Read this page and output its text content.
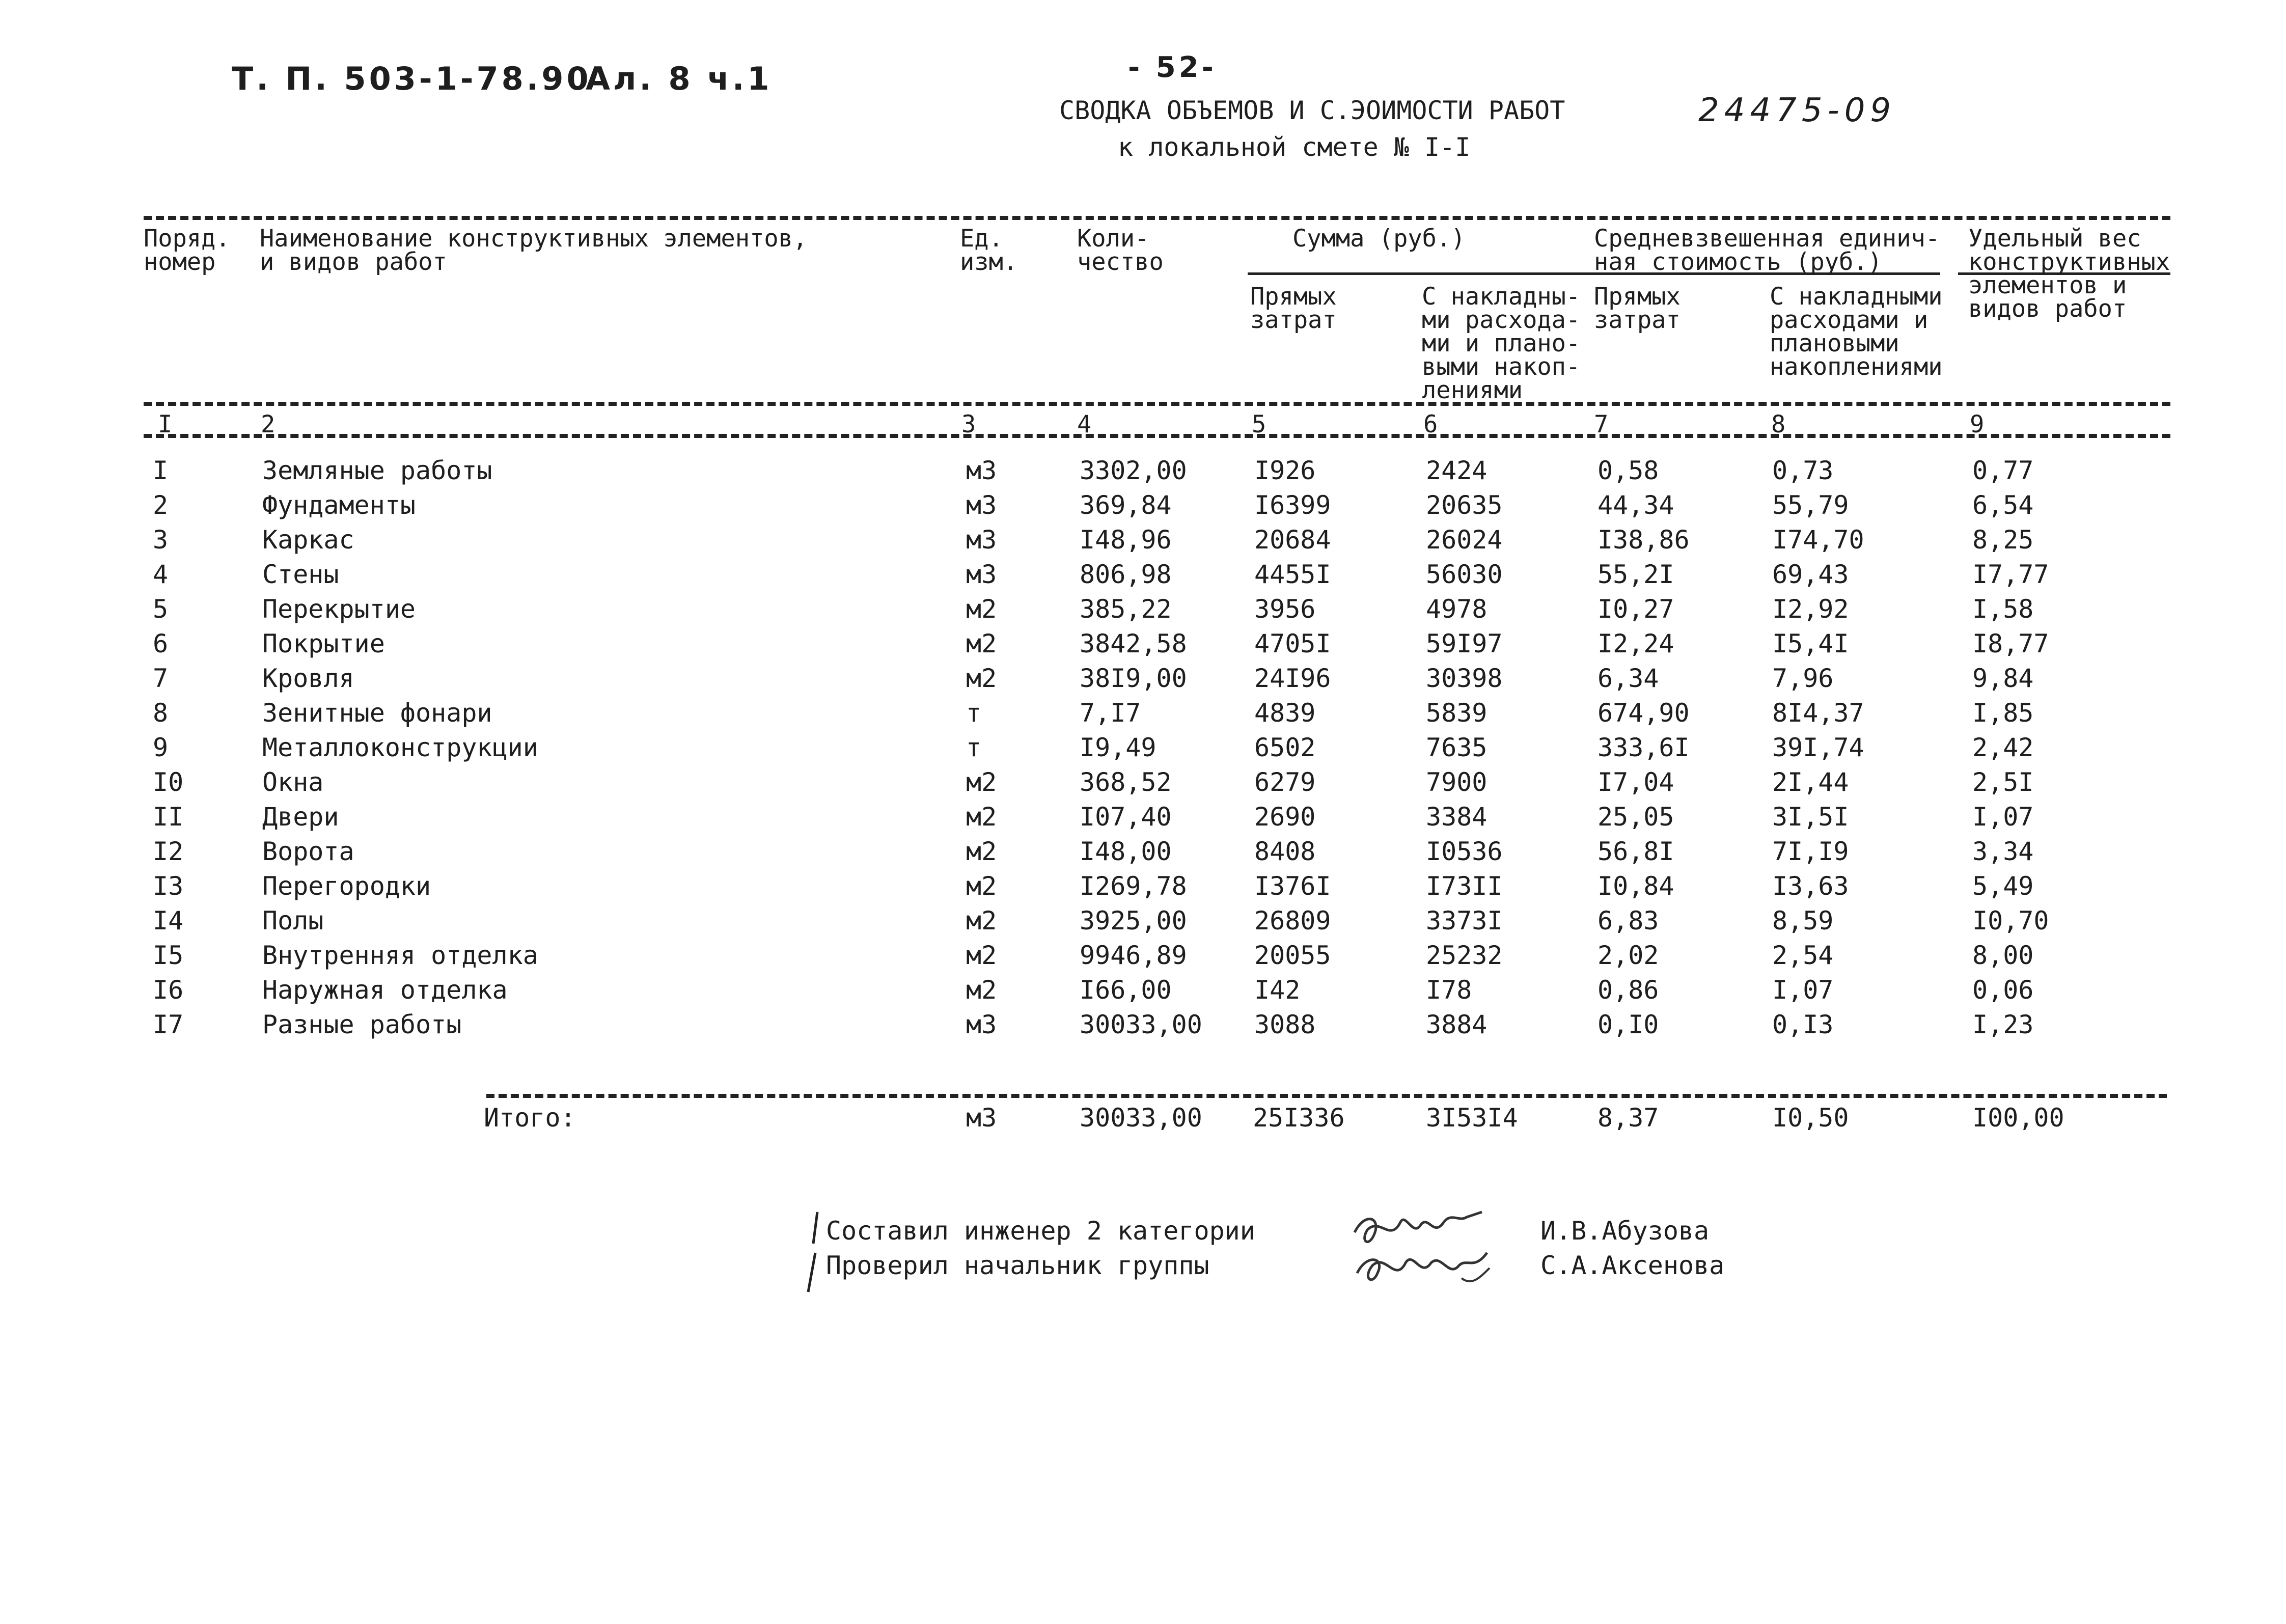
Т. П. 503-1-78.90
Ал. 8 ч.1	- 52-
24475-09
СВОДКА ОБЪЕМОВ И С.ЭОИМОСТИ РАБОТ
к локальной смете № I-I
Поряд.
номер
Наименование конструктивных элементов,
и видов работ
Ед.
изм.
Коли-
чество
Сумма (руб.)
Прямых
затрат
С накладны-
ми расхода-
ми и плано-
выми накоп-
лениями
Средневзвешенная единич-
ная стоимость (руб.)
Прямых
затрат
С накладными
расходами и
плановыми
накоплениями
Удельный вес
конструктивных
элементов и
видов работ
I	2	3	4	5	6	7	8	9
I	Земляные работы	м3	3302,00	I926	2424	0,58	0,73	0,77
2	Фундаменты	м3	369,84	I6399	20635	44,34	55,79	6,54
3	Каркас	м3	I48,96	20684	26024	I38,86	I74,70	8,25
4	Стены	м3	806,98	4455I	56030	55,2I	69,43	I7,77
5	Перекрытие	м2	385,22	3956	4978	I0,27	I2,92	I,58
6	Покрытие	м2	3842,58	4705I	59I97	I2,24	I5,4I	I8,77
7	Кровля	м2	38I9,00	24I96	30398	6,34	7,96	9,84
8	Зенитные фонари	т	7,I7	4839	5839	674,90	8I4,37	I,85
9	Металлоконструкции	т	I9,49	6502	7635	333,6I	39I,74	2,42
I0	Окна	м2	368,52	6279	7900	I7,04	2I,44	2,5I
II	Двери	м2	I07,40	2690	3384	25,05	3I,5I	I,07
I2	Ворота	м2	I48,00	8408	I0536	56,8I	7I,I9	3,34
I3	Перегородки	м2	I269,78	I376I	I73II	I0,84	I3,63	5,49
I4	Полы	м2	3925,00	26809	3373I	6,83	8,59	I0,70
I5	Внутренняя отделка	м2	9946,89	20055	25232	2,02	2,54	8,00
I6	Наружная отделка	м2	I66,00	I42	I78	0,86	I,07	0,06
I7	Разные работы	м3	30033,00 3088	3884	0,I0	0,I3	I,23
Итого:	м3	30033,00 25I336	3I53I4	8,37	I0,50	I00,00
Составил инженер 2 категории
Проверил начальник группы
И.В.Абузова
С.А.Аксенова
